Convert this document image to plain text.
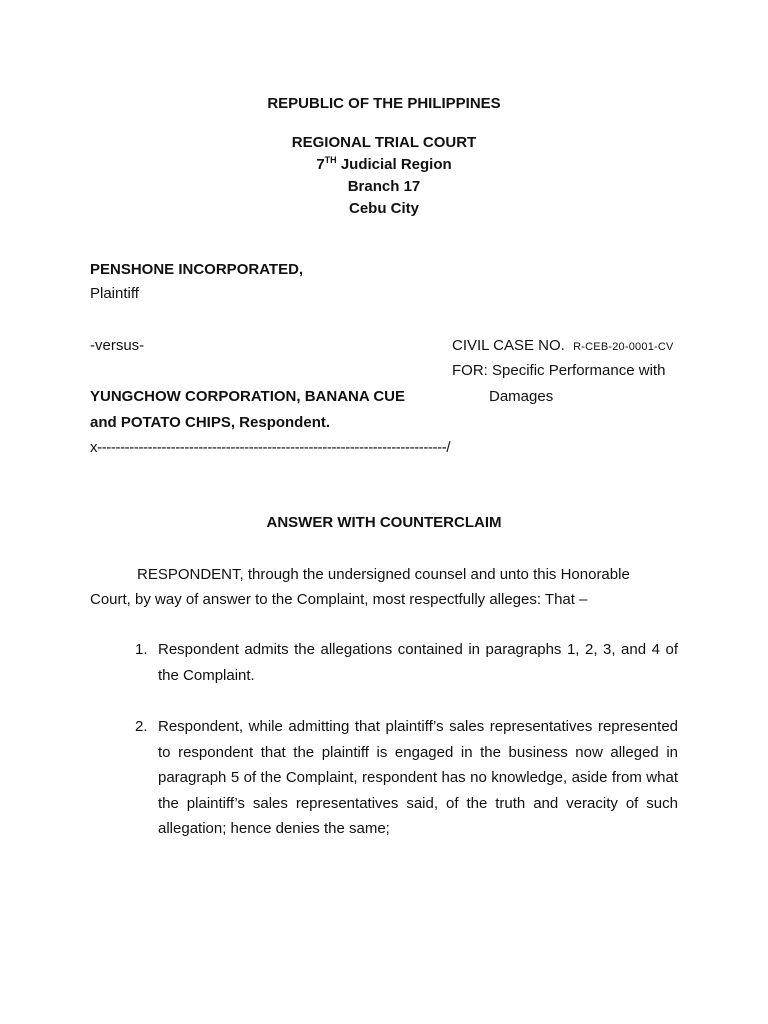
REPUBLIC OF THE PHILIPPINES
REGIONAL TRIAL COURT
7TH Judicial Region
Branch 17
Cebu City
PENSHONE INCORPORATED,
Plaintiff
-versus-	CIVIL CASE NO. R-CEB-20-0001-CV
FOR: Specific Performance with
Damages
YUNGCHOW CORPORATION, BANANA CUE
and POTATO CHIPS, Respondent.
x----------------------------------------------------------------------------/
ANSWER WITH COUNTERCLAIM
RESPONDENT, through the undersigned counsel and unto this Honorable
Court, by way of answer to the Complaint, most respectfully alleges: That –
1. Respondent admits the allegations contained in paragraphs 1, 2, 3, and 4 of the Complaint.
2. Respondent, while admitting that plaintiff’s sales representatives represented to respondent that the plaintiff is engaged in the business now alleged in paragraph 5 of the Complaint, respondent has no knowledge, aside from what the plaintiff’s sales representatives said, of the truth and veracity of such allegation; hence denies the same;
